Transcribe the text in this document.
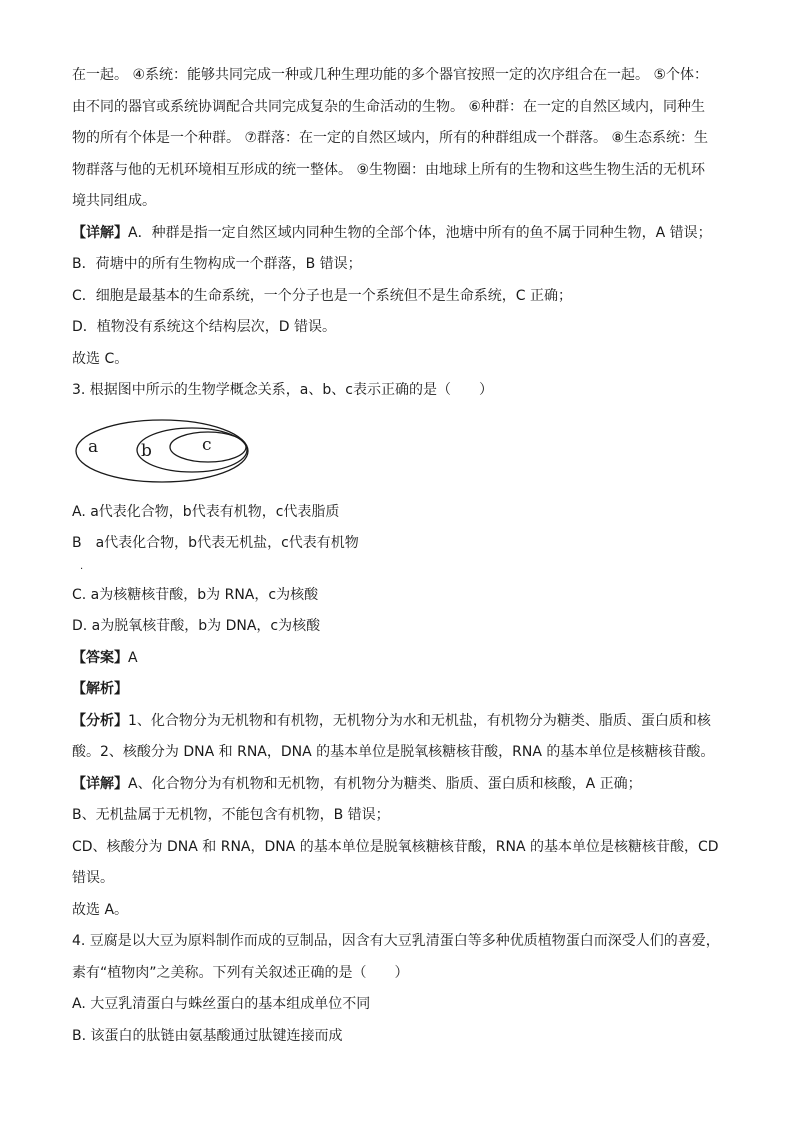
在一起。 ④系统：能够共同完成一种或几种生理功能的多个器官按照一定的次序组合在一起。 ⑤个体：
由不同的器官或系统协调配合共同完成复杂的生命活动的生物。 ⑥种群：在一定的自然区域内，同种生
物的所有个体是一个种群。 ⑦群落：在一定的自然区域内，所有的种群组成一个群落。 ⑧生态系统：生
物群落与他的无机环境相互形成的统一整体。 ⑨生物圈：由地球上所有的生物和这些生物生活的无机环
境共同组成。
【详解】A．种群是指一定自然区域内同种生物的全部个体，池塘中所有的鱼不属于同种生物，A 错误；
B．荷塘中的所有生物构成一个群落，B 错误；
C．细胞是最基本的生命系统，一个分子也是一个系统但不是生命系统，C 正确；
D．植物没有系统这个结构层次，D 错误。
故选 C。
3. 根据图中所示的生物学概念关系，a、b、c表示正确的是（　　）
a	b	c
A. a代表化合物，b代表有机物，c代表脂质
B　a代表化合物，b代表无机盐，c代表有机物
.
C. a为核糖核苷酸，b为 RNA，c为核酸
D. a为脱氧核苷酸，b为 DNA，c为核酸
【答案】A
【解析】
【分析】1、化合物分为无机物和有机物，无机物分为水和无机盐，有机物分为糖类、脂质、蛋白质和核
酸。2、核酸分为 DNA 和 RNA，DNA 的基本单位是脱氧核糖核苷酸，RNA 的基本单位是核糖核苷酸。
【详解】A、化合物分为有机物和无机物，有机物分为糖类、脂质、蛋白质和核酸，A 正确；
B、无机盐属于无机物，不能包含有机物，B 错误；
CD、核酸分为 DNA 和 RNA，DNA 的基本单位是脱氧核糖核苷酸，RNA 的基本单位是核糖核苷酸，CD
错误。
故选 A。
4. 豆腐是以大豆为原料制作而成的豆制品，因含有大豆乳清蛋白等多种优质植物蛋白而深受人们的喜爱，
素有“植物肉”之美称。下列有关叙述正确的是（　　）
A. 大豆乳清蛋白与蛛丝蛋白的基本组成单位不同
B. 该蛋白的肽链由氨基酸通过肽键连接而成
